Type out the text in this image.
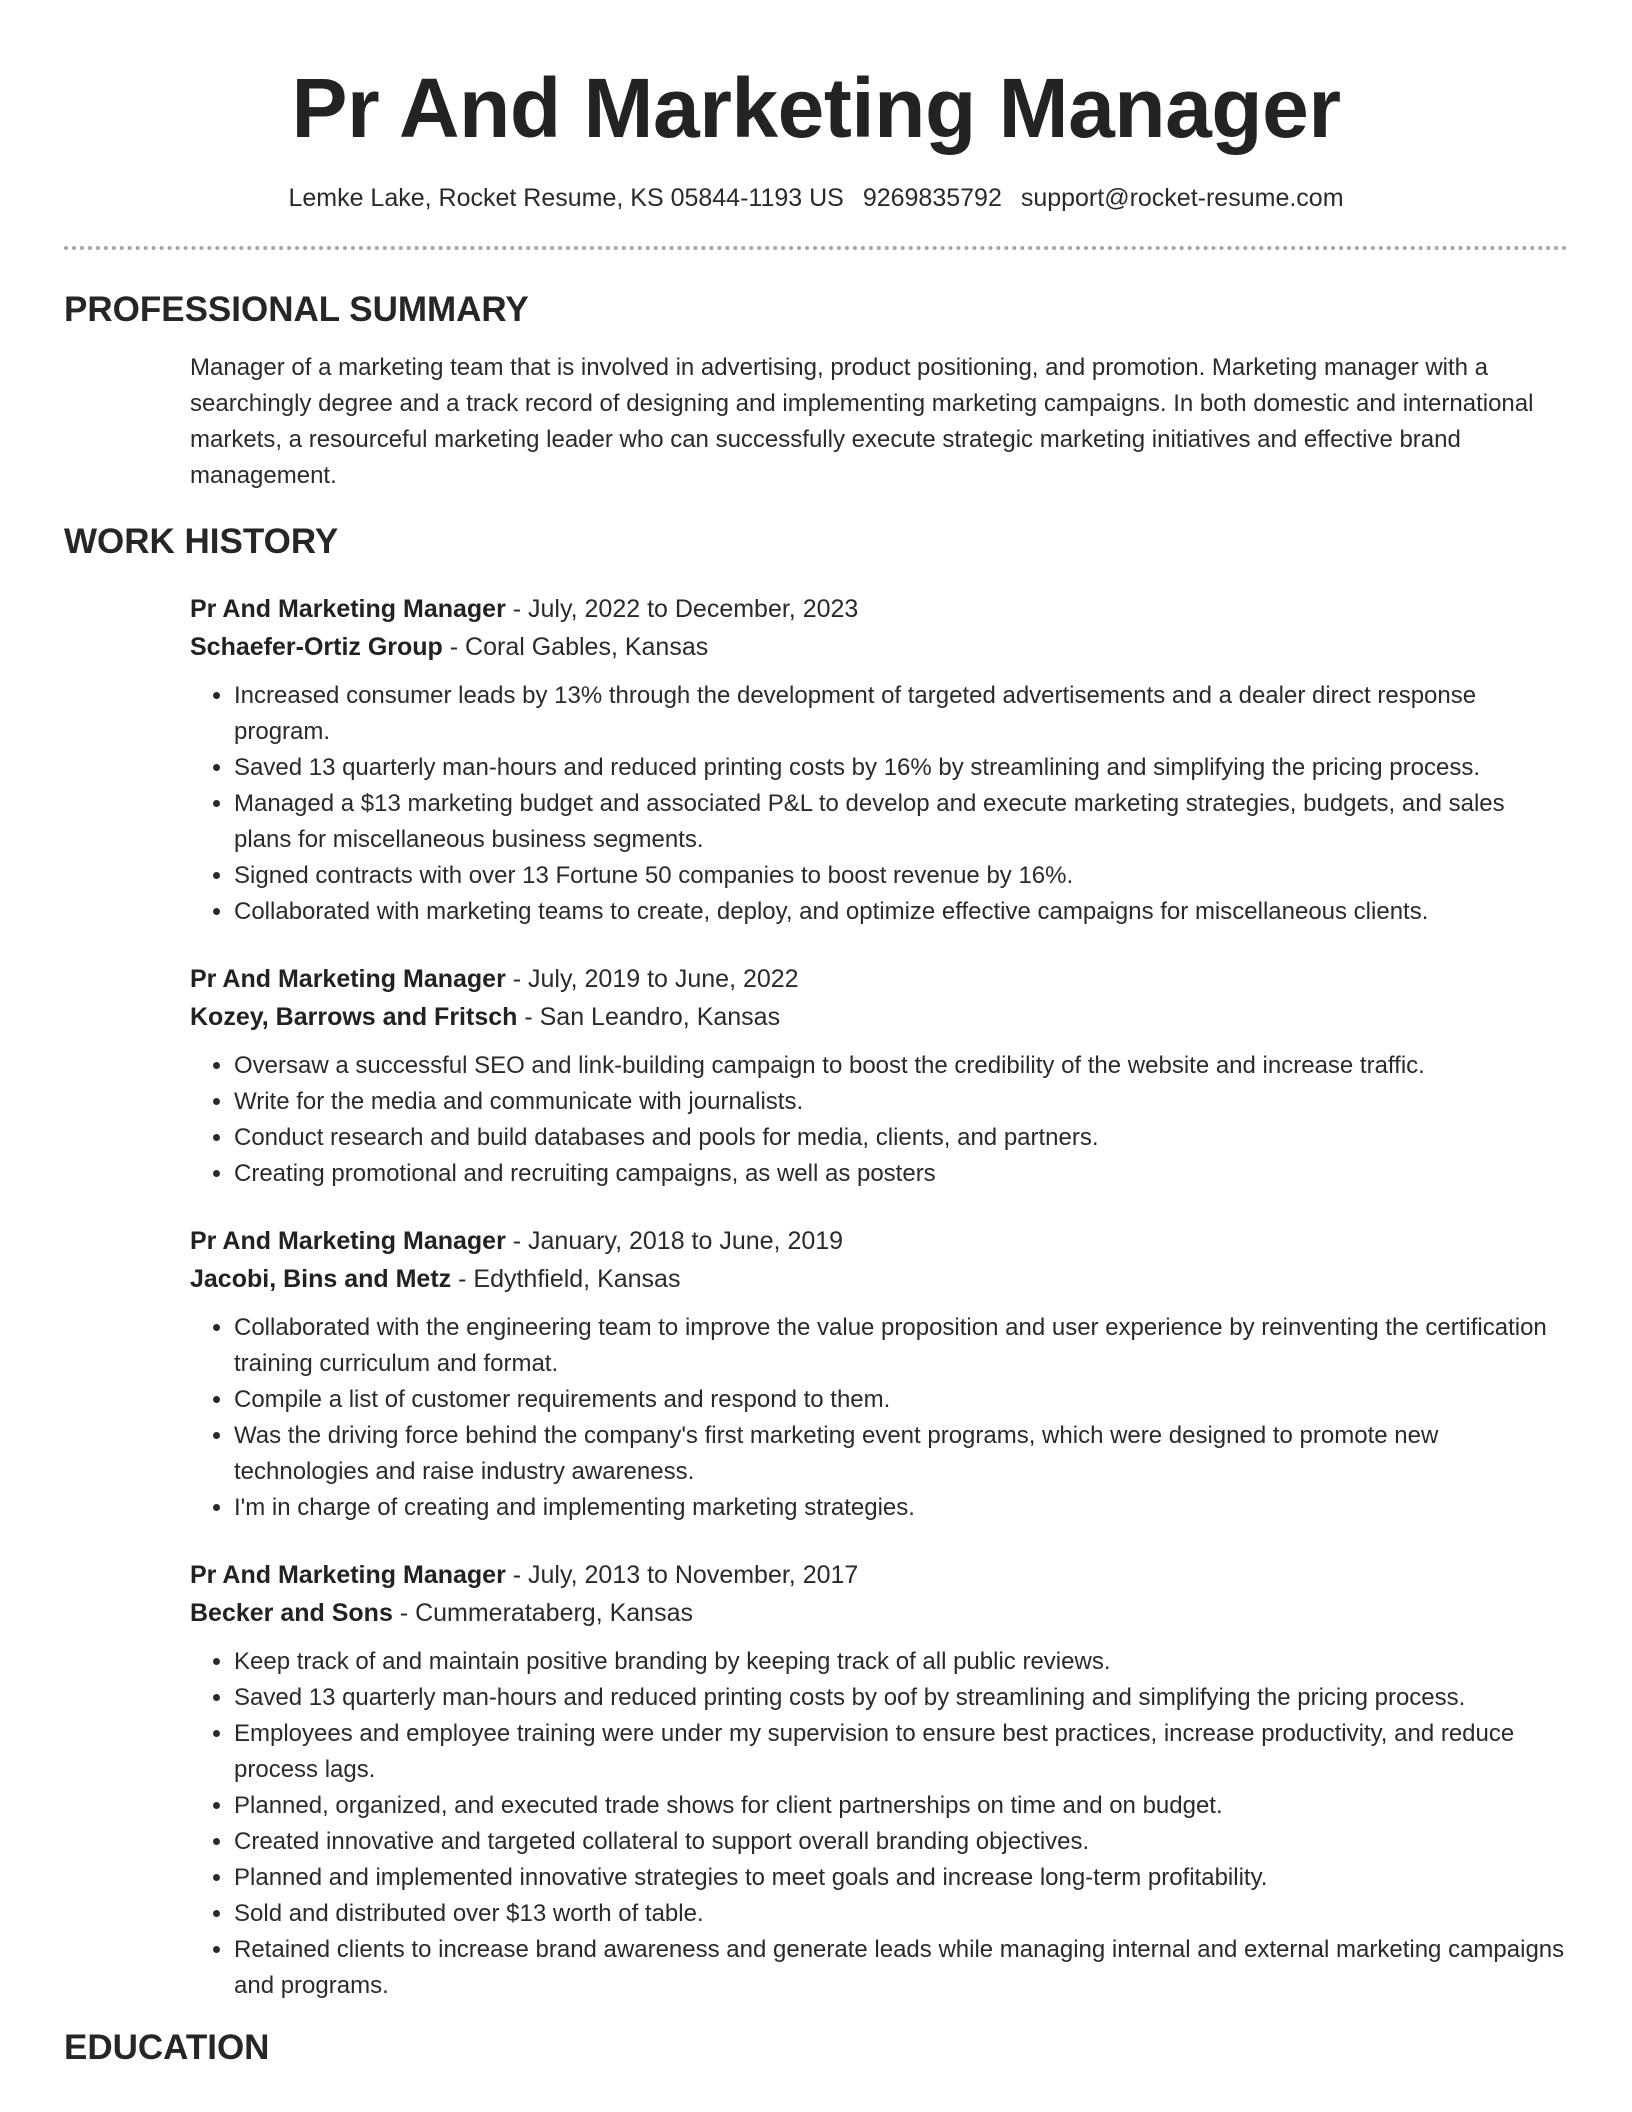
Pr And Marketing Manager
Lemke Lake, Rocket Resume, KS 05844-1193 US 9269835792 support@rocket-resume.com
PROFESSIONAL SUMMARY

Manager of a marketing team that is involved in advertising, product positioning, and promotion. Marketing manager with a searchingly degree and a track record of designing and implementing marketing campaigns. In both domestic and international markets, a resourceful marketing leader who can successfully execute strategic marketing initiatives and effective brand management.

WORK HISTORY
Pr And Marketing Manager - July, 2022 to December, 2023
Schaefer-Ortiz Group - Coral Gables, Kansas
• Increased consumer leads by 13% through the development of targeted advertisements and a dealer direct response program.
• Saved 13 quarterly man-hours and reduced printing costs by 16% by streamlining and simplifying the pricing process.
• Managed a $13 marketing budget and associated P&L to develop and execute marketing strategies, budgets, and sales plans for miscellaneous business segments.
• Signed contracts with over 13 Fortune 50 companies to boost revenue by 16%.
• Collaborated with marketing teams to create, deploy, and optimize effective campaigns for miscellaneous clients.
Pr And Marketing Manager - July, 2019 to June, 2022
Kozey, Barrows and Fritsch - San Leandro, Kansas
• Oversaw a successful SEO and link-building campaign to boost the credibility of the website and increase traffic.
• Write for the media and communicate with journalists.
• Conduct research and build databases and pools for media, clients, and partners.
• Creating promotional and recruiting campaigns, as well as posters
Pr And Marketing Manager - January, 2018 to June, 2019
Jacobi, Bins and Metz - Edythfield, Kansas
• Collaborated with the engineering team to improve the value proposition and user experience by reinventing the certification training curriculum and format.
• Compile a list of customer requirements and respond to them.
• Was the driving force behind the company's first marketing event programs, which were designed to promote new technologies and raise industry awareness.
• I'm in charge of creating and implementing marketing strategies.
Pr And Marketing Manager - July, 2013 to November, 2017
Becker and Sons - Cummerataberg, Kansas
• Keep track of and maintain positive branding by keeping track of all public reviews.
• Saved 13 quarterly man-hours and reduced printing costs by oof by streamlining and simplifying the pricing process.
• Employees and employee training were under my supervision to ensure best practices, increase productivity, and reduce process lags.
• Planned, organized, and executed trade shows for client partnerships on time and on budget.
• Created innovative and targeted collateral to support overall branding objectives.
• Planned and implemented innovative strategies to meet goals and increase long-term profitability.
• Sold and distributed over $13 worth of table.
• Retained clients to increase brand awareness and generate leads while managing internal and external marketing campaigns and programs.
EDUCATION
